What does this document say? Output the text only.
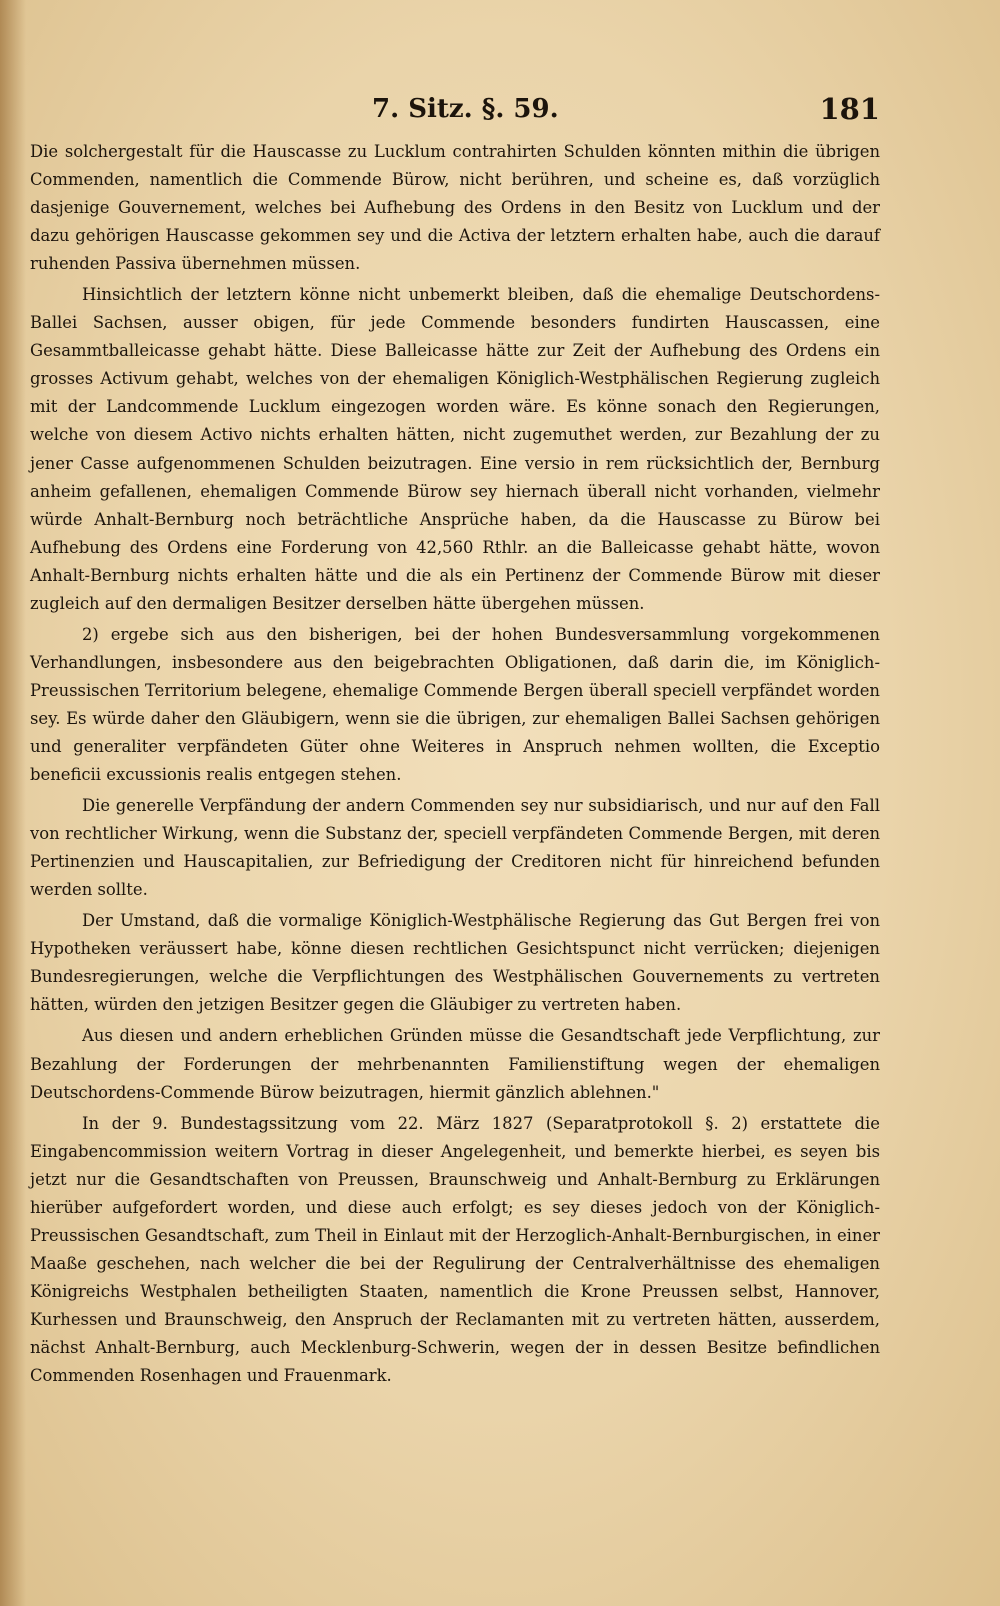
7. Sitz. §. 59.	181

Die solchergestalt für die Hauscasse zu Lucklum contrahirten Schulden könnten mithin die übrigen Commenden, namentlich die Commende Bürow, nicht berühren, und scheine es, daß vorzüglich dasjenige Gouvernement, welches bei Aufhebung des Ordens in den Besitz von Lucklum und der dazu gehörigen Hauscasse gekommen sey und die Activa der letztern erhalten habe, auch die darauf ruhenden Passiva übernehmen müssen.

Hinsichtlich der letztern könne nicht unbemerkt bleiben, daß die ehemalige Deutschordens-Ballei Sachsen, ausser obigen, für jede Commende besonders fundirten Hauscassen, eine Gesammtballeicasse gehabt hätte. Diese Balleicasse hätte zur Zeit der Aufhebung des Ordens ein grosses Activum gehabt, welches von der ehemaligen Königlich-Westphälischen Regierung zugleich mit der Landcommende Lucklum eingezogen worden wäre. Es könne sonach den Regierungen, welche von diesem Activo nichts erhalten hätten, nicht zugemuthet werden, zur Bezahlung der zu jener Casse aufgenommenen Schulden beizutragen. Eine versio in rem rücksichtlich der, Bernburg anheim gefallenen, ehemaligen Commende Bürow sey hiernach überall nicht vorhanden, vielmehr würde Anhalt-Bernburg noch beträchtliche Ansprüche haben, da die Hauscasse zu Bürow bei Aufhebung des Ordens eine Forderung von 42,560 Rthlr. an die Balleicasse gehabt hätte, wovon Anhalt-Bernburg nichts erhalten hätte und die als ein Pertinenz der Commende Bürow mit dieser zugleich auf den dermaligen Besitzer derselben hätte übergehen müssen.

2) ergebe sich aus den bisherigen, bei der hohen Bundesversammlung vorgekommenen Verhandlungen, insbesondere aus den beigebrachten Obligationen, daß darin die, im Königlich-Preussischen Territorium belegene, ehemalige Commende Bergen überall speciell verpfändet worden sey. Es würde daher den Gläubigern, wenn sie die übrigen, zur ehemaligen Ballei Sachsen gehörigen und generaliter verpfändeten Güter ohne Weiteres in Anspruch nehmen wollten, die Exceptio beneficii excussionis realis entgegen stehen.

Die generelle Verpfändung der andern Commenden sey nur subsidiarisch, und nur auf den Fall von rechtlicher Wirkung, wenn die Substanz der, speciell verpfändeten Commende Bergen, mit deren Pertinenzien und Hauscapitalien, zur Befriedigung der Creditoren nicht für hinreichend befunden werden sollte.

Der Umstand, daß die vormalige Königlich-Westphälische Regierung das Gut Bergen frei von Hypotheken veräussert habe, könne diesen rechtlichen Gesichtspunct nicht verrücken; diejenigen Bundesregierungen, welche die Verpflichtungen des Westphälischen Gouvernements zu vertreten hätten, würden den jetzigen Besitzer gegen die Gläubiger zu vertreten haben.

Aus diesen und andern erheblichen Gründen müsse die Gesandtschaft jede Verpflichtung, zur Bezahlung der Forderungen der mehrbenannten Familienstiftung wegen der ehemaligen Deutschordens-Commende Bürow beizutragen, hiermit gänzlich ablehnen."

In der 9. Bundestagssitzung vom 22. März 1827 (Separatprotokoll §. 2) erstattete die Eingabencommission weitern Vortrag in dieser Angelegenheit, und bemerkte hierbei, es seyen bis jetzt nur die Gesandtschaften von Preussen, Braunschweig und Anhalt-Bernburg zu Erklärungen hierüber aufgefordert worden, und diese auch erfolgt; es sey dieses jedoch von der Königlich-Preussischen Gesandtschaft, zum Theil in Einlaut mit der Herzoglich-Anhalt-Bernburgischen, in einer Maaße geschehen, nach welcher die bei der Regulirung der Centralverhältnisse des ehemaligen Königreichs Westphalen betheiligten Staaten, namentlich die Krone Preussen selbst, Hannover, Kurhessen und Braunschweig, den Anspruch der Reclamanten mit zu vertreten hätten, ausserdem, nächst Anhalt-Bernburg, auch Mecklenburg-Schwerin, wegen der in dessen Besitze befindlichen Commenden Rosenhagen und Frauenmark.
